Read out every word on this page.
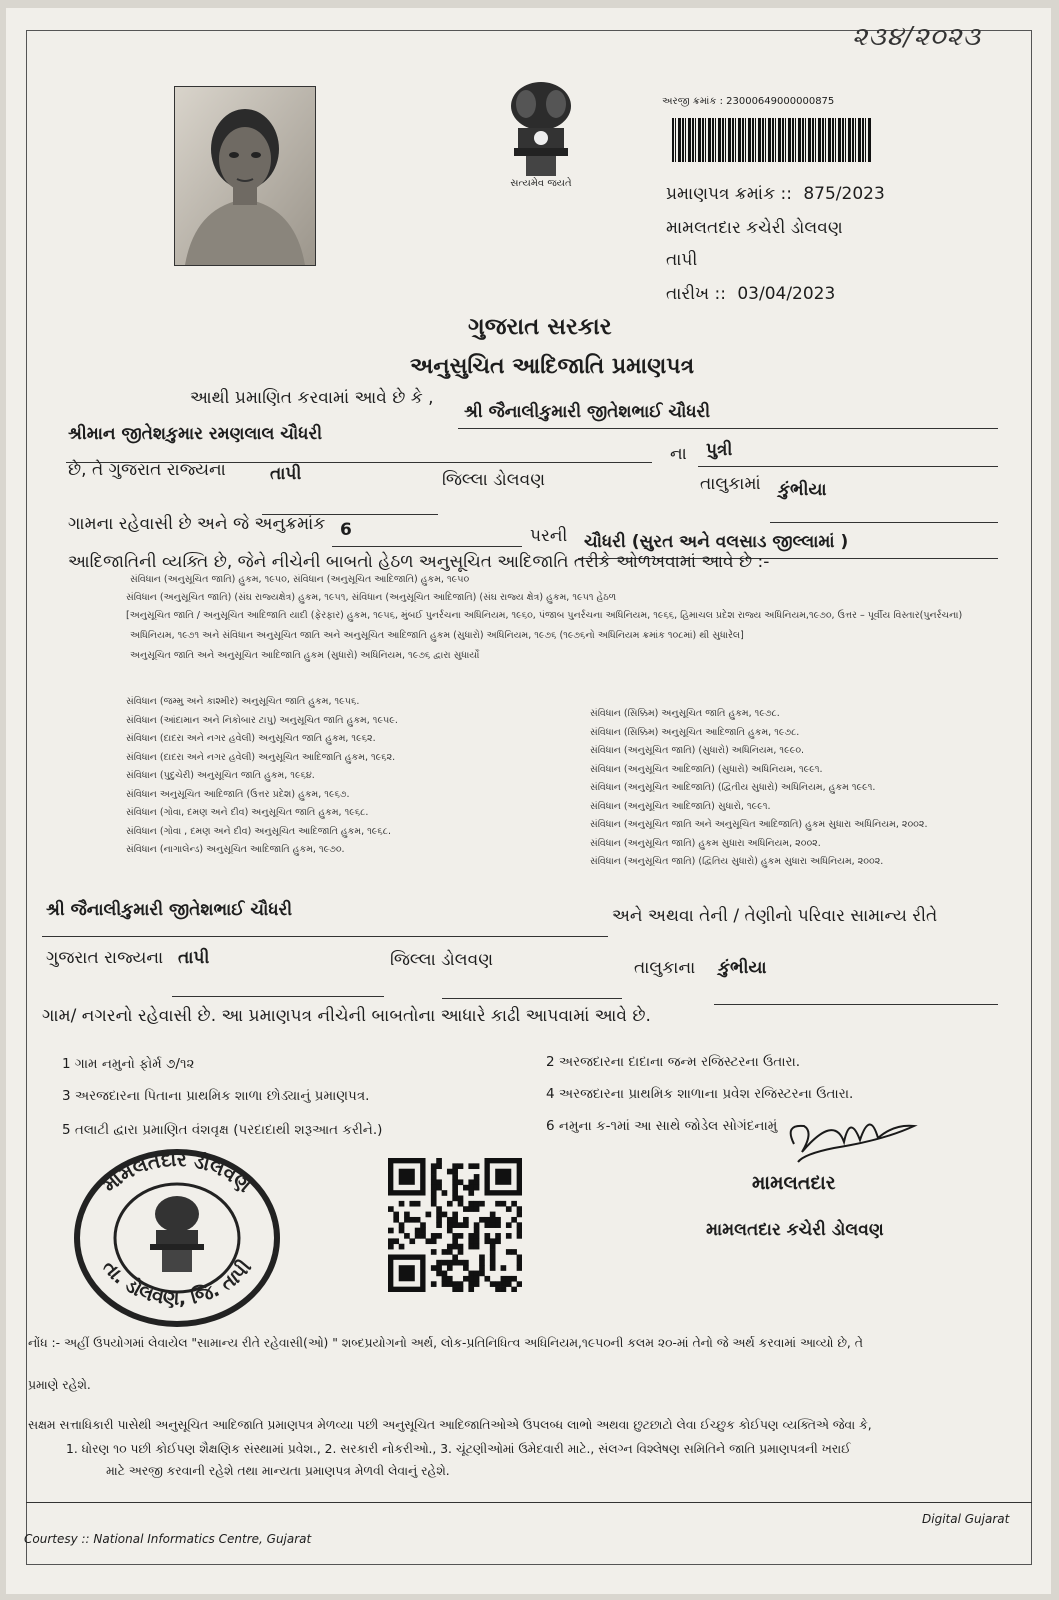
૨૩૪/૨૦૨૩
સત્યમેવ જયતે
અરજી ક્રમાંક : 23000649000000875
પ્રમાણપત્ર ક્રમાંક :: 875/2023
મામલતદાર કચેરી ડોલવણ
તાપી
તારીખ :: 03/04/2023
ગુજરાત સરકાર
અનુસુચિત આદિજાતિ પ્રમાણપત્ર
આથી પ્રમાણિત કરવામાં આવે છે કે ,
શ્રી જૈનાલીકુમારી જીતેશભાઈ ચૌધરી
શ્રીમાન જીતેશકુમાર રમણલાલ ચૌધરી
ના પુત્રી
છે, તે ગુજરાત રાજ્યના	તાપી	જિલ્લા ડોલવણ	તાલુકામાં કુંભીયા
ગામના રહેવાસી છે અને જે અનુક્રમાંક 6	પરની ચૌધરી (સુરત અને વલસાડ જીલ્લામાં )
આદિજાતિની વ્યક્તિ છે, જેને નીચેની બાબતો હેઠળ અનુસૂચિત આદિજાતિ તરીકે ઓળખવામાં આવે છે :-
સંવિધાન (અનુસૂચિત જાતિ) હુકમ, ૧૯૫૦, સંવિધાન (અનુસૂચિત આદિજાતિ) હુકમ, ૧૯૫૦
સંવિધાન (અનુસૂચિત જાતિ) (સંઘ રાજ્યક્ષેત્ર) હુકમ, ૧૯૫૧, સંવિધાન (અનુસૂચિત આદિજાતિ) (સંઘ રાજ્ય ક્ષેત્ર) હુકમ, ૧૯૫૧ હેઠળ
[અનુસૂચિત જાતિ / અનુસૂચિત આદિજાતિ યાદી (ફેરફાર) હુકમ, ૧૯૫૬, મુંબઈ પુનર્રચના અધિનિયમ, ૧૯૬૦, પંજાબ પુનર્રચના અધિનિયમ, ૧૯૬૬, હિમાચલ પ્રદેશ રાજ્ય અધિનિયમ,૧૯૭૦, ઉત્તર – પૂર્વીય વિસ્તાર(પુનર્રચના)
અધિનિયમ, ૧૯૭૧ અને સંવિધાન અનુસૂચિત જાતિ અને અનુસૂચિત આદિજાતિ હુકમ (સુધારો) અધિનિયમ, ૧૯૭૬ (૧૯૭૬નો અધિનિયમ ક્રમાંક ૧૦૮માં) થી સુધારેલ]
અનુસૂચિત જાતિ અને અનુસૂચિત આદિજાતિ હુકમ (સુધારો) અધિનિયમ, ૧૯૭૬ દ્વારા સુધાર્યો
સંવિધાન (જમ્મુ અને કાશ્મીર) અનુસૂચિત જાતિ હુકમ, ૧૯૫૬.
સંવિધાન (આંદામાન અને નિકોબાર ટાપુ) અનુસૂચિત જાતિ હુકમ, ૧૯૫૯.
સંવિધાન (દાદરા અને નગર હવેલી) અનુસૂચિત જાતિ હુકમ, ૧૯૬૨.
સંવિધાન (દાદરા અને નગર હવેલી) અનુસૂચિત આદિજાતિ હુકમ, ૧૯૬૨.
સંવિધાન (પુદુચેરી) અનુસૂચિત જાતિ હુકમ, ૧૯૬૪.
સંવિધાન અનુસૂચિત આદિજાતિ (ઉત્તર પ્રદેશ) હુકમ, ૧૯૬૭.
સંવિધાન (ગોવા, દમણ અને દીવ) અનુસૂચિત જાતિ હુકમ, ૧૯૬૮.
સંવિધાન (ગોવા , દમણ અને દીવ) અનુસૂચિત આદિજાતિ હુકમ, ૧૯૬૮.
સંવિધાન (નાગાલેન્ડ) અનુસૂચિત આદિજાતિ હુકમ, ૧૯૭૦.
સંવિધાન (સિક્કિમ) અનુસૂચિત જાતિ હુકમ, ૧૯૭૮.
સંવિધાન (સિક્કિમ) અનુસૂચિત આદિજાતિ હુકમ, ૧૯૭૮.
સંવિધાન (અનુસૂચિત જાતિ) (સુધારો) અધિનિયમ, ૧૯૯૦.
સંવિધાન (અનુસૂચિત આદિજાતિ) (સુધારો) અધિનિયમ, ૧૯૯૧.
સંવિધાન (અનુસૂચિત આદિજાતિ) (દ્વિતીય સુધારો) અધિનિયમ, હુકમ ૧૯૯૧.
સંવિધાન (અનુસૂચિત આદિજાતિ) સુધારો, ૧૯૯૧.
સંવિધાન (અનુસૂચિત જાતિ અને અનુસૂચિત આદિજાતિ) હુકમ સુધારા અધિનિયમ, ૨૦૦૨.
સંવિધાન (અનુસૂચિત જાતિ) હુકમ સુધારા અધિનિયમ, ૨૦૦૨.
સંવિધાન (અનુસૂચિત જાતિ) (દ્વિતિય સુધારો) હુકમ સુધારા અધિનિયમ, ૨૦૦૨.
શ્રી જૈનાલીકુમારી જીતેશભાઈ ચૌધરી	અને અથવા તેની / તેણીનો પરિવાર સામાન્ય રીતે
ગુજરાત રાજ્યના તાપી	જિલ્લા ડોલવણ	તાલુકાના કુંભીયા
ગામ/ નગરનો રહેવાસી છે. આ પ્રમાણપત્ર નીચેની બાબતોના આધારે કાઢી આપવામાં આવે છે.
1 ગામ નમુનો ફોર્મ ૭/૧૨	2 અરજદારના દાદાના જન્મ રજિસ્ટરના ઉતારા.
3 અરજદારના પિતાના પ્રાથમિક શાળા છોડ્યાનું પ્રમાણપત્ર.	4 અરજદારના પ્રાથમિક શાળાના પ્રવેશ રજિસ્ટરના ઉતારા.
5 તલાટી દ્વારા પ્રમાણિત વંશવૃક્ષ (પરદાદાથી શરૂઆત કરીને.)	6 નમુના ક-૧માં આ સાથે જોડેલ સોગંદનામું
મામલતદાર ડોલવણ
તા. ડોલવણ, જિ. તાપી
મામલતદાર
મામલતદાર કચેરી ડોલવણ
નોંધ :- અહીં ઉપયોગમાં લેવાયેલ "સામાન્ય રીતે રહેવાસી(ઓ) " શબ્દપ્રયોગનો અર્થ, લોક-પ્રતિનિધિત્વ અધિનિયમ,૧૯૫૦ની કલમ ૨૦-માં તેનો જે અર્થ કરવામાં આવ્યો છે, તે
પ્રમાણે રહેશે.
સક્ષમ સત્તાધિકારી પાસેથી અનુસૂચિત આદિજાતિ પ્રમાણપત્ર મેળવ્યા પછી અનુસૂચિત આદિજાતિઓએ ઉપલબ્ધ લાભો અથવા છુટછાટો લેવા ઈચ્છુક કોઈપણ વ્યક્તિએ જેવા કે,
1. ધોરણ ૧૦ પછી કોઈપણ શૈક્ષણિક સંસ્થામાં પ્રવેશ., 2. સરકારી નોકરીઓ., 3. ચૂંટણીઓમાં ઉમેદવારી માટે., સંલગ્ન વિશ્લેષણ સમિતિને જાતિ પ્રમાણપત્રની ખરાઈ
માટે અરજી કરવાની રહેશે તથા માન્યતા પ્રમાણપત્ર મેળવી લેવાનું રહેશે.
Digital Gujarat
Courtesy :: National Informatics Centre, Gujarat
